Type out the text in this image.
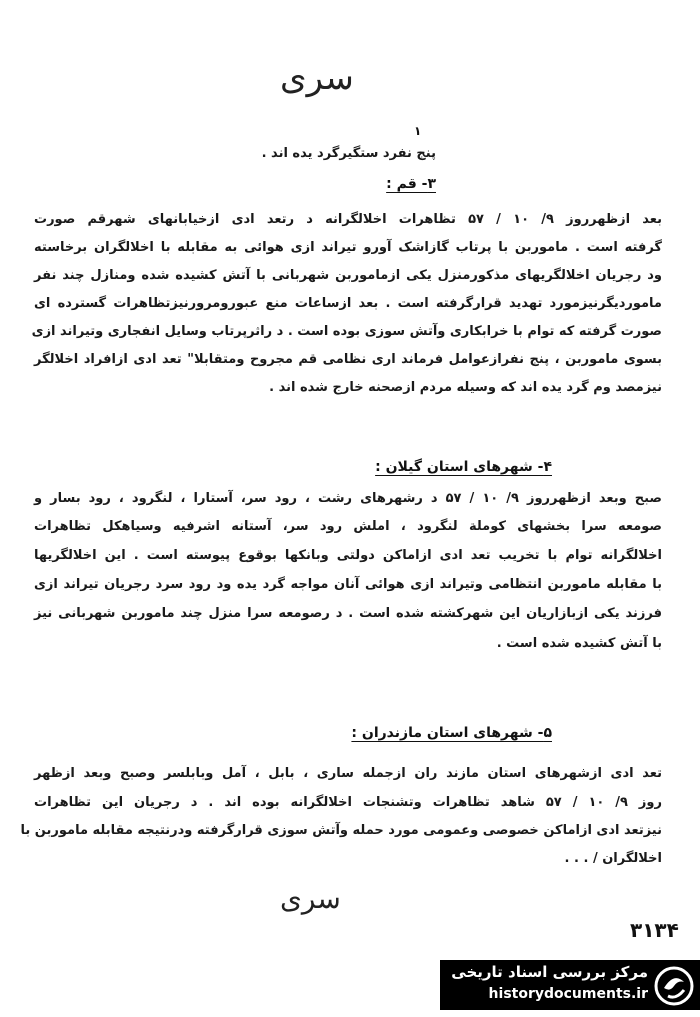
سری
۱
پنج نفرد ستگیرگرد یده اند .
۳- قم :
بعد ازظهرروز ۹/ ۱۰ / ۵۷ تظاهرات اخلالگرانه د رتعد ادی ازخیابانهای شهرقم صورت
گرفته است . ماموربن با پرتاب گازاشک آورو تیراند ازی هوائی به مقابله با اخلالگران برخاسته
ود رجریان اخلالگریهای مذکورمنزل یکی ازماموربن شهربانی با آتش کشیده شده ومنازل چند نفر
ماموردیگرنیزمورد تهدید قرارگرفته است . بعد ازساعات منع عبورومرورنیزتظاهرات گسترده ای
صورت گرفته که توام با خرابکاری وآتش سوزی بوده است . د راثرپرتاب وسایل انفجاری وتیراند ازی
بسوی ماموربن ، پنج نفرازعوامل فرماند اری نظامی قم مجروح ومتقابلا" تعد ادی ازافراد اخلالگر
نیزمصد وم گرد یده اند که وسیله مردم ازصحنه خارج شده اند .
۴- شهرهای استان گیلان :
صبح وبعد ازظهرروز ۹/ ۱۰ / ۵۷ د رشهرهای رشت ، رود سر، آستارا ، لنگرود ، رود بسار و
صومعه سرا بخشهای کوملة لنگرود ، املش رود سر، آستانه اشرفیه وسیاهکل تظاهرات
اخلالگرانه توام با تخریب تعد ادی ازاماکن دولتی وبانکها بوقوع پیوسته است . این اخلالگریها
با مقابله ماموربن انتظامی وتیراند ازی هوائی آنان مواجه گرد یده ود رود سرد رجریان تیراند ازی
فرزند یکی ازبازاریان این شهرکشته شده است . د رصومعه سرا منزل چند ماموربن شهربانی نیز
با آتش کشیده شده است .
۵- شهرهای استان مازندران :
تعد ادی ازشهرهای استان مازند ران ازجمله ساری ، بابل ، آمل وبابلسر وصبح وبعد ازظهر
روز ۹/ ۱۰ / ۵۷ شاهد تظاهرات وتشنجات اخلالگرانه بوده اند . د رجریان این تظاهرات
نیزتعد ادی ازاماکن خصوصی وعمومی مورد حمله وآتش سوزی قرارگرفته ودرنتیجه مقابله ماموربن با
اخلالگران / . . .
سری
۳۱۳۴
مرکز بررسی اسناد تاریخی
historydocuments.ir
